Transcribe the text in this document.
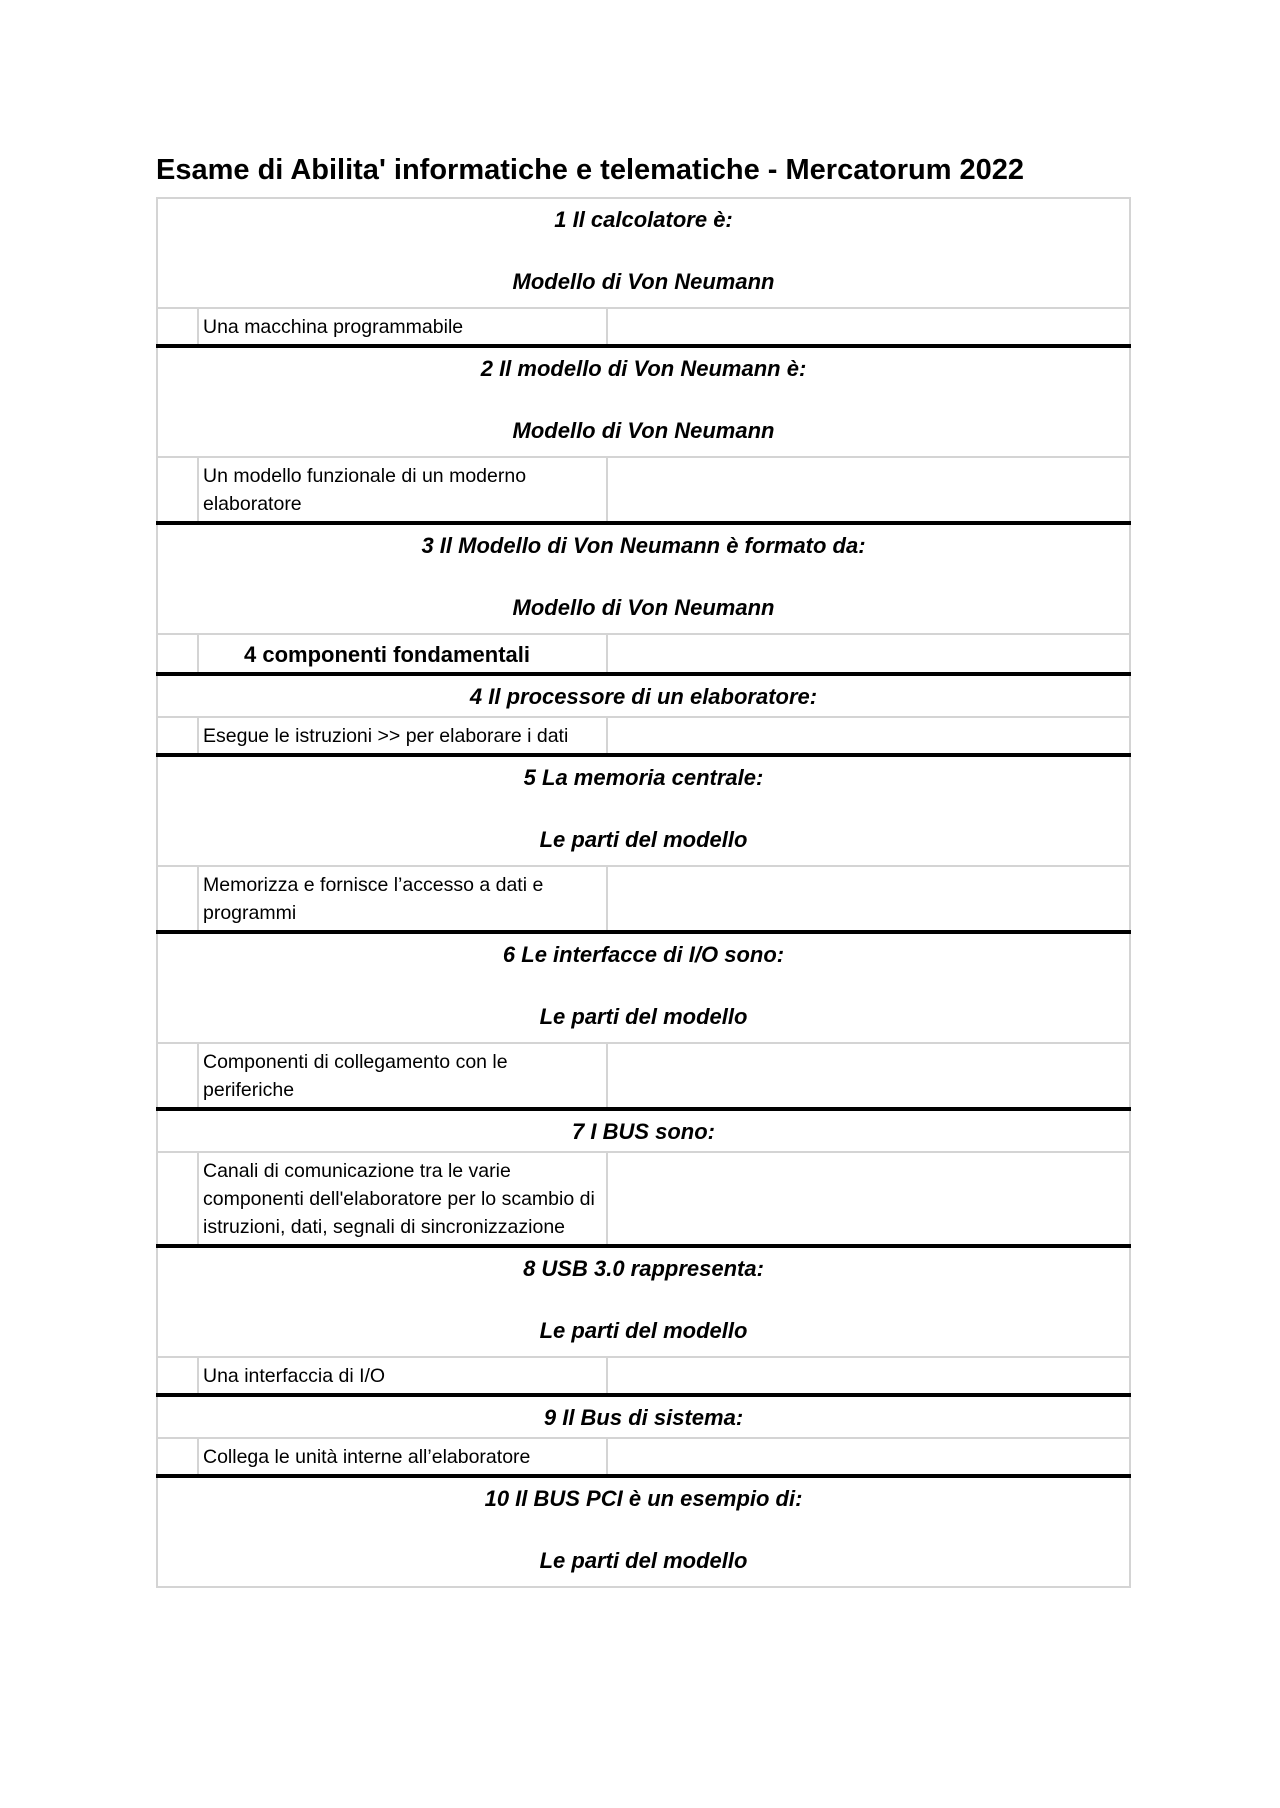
Esame di Abilita' informatiche e telematiche - Mercatorum 2022
1 Il calcolatore è:
Modello di Von Neumann		

	Una macchina programmabile	

2 Il modello di Von Neumann è:
Modello di Von Neumann		

	Un modello funzionale di un moderno elaboratore	

3 Il Modello di Von Neumann è formato da:
Modello di Von Neumann		

	4 componenti fondamentali	

4 Il processore di un elaboratore:		

	Esegue le istruzioni >> per elaborare i dati	

5 La memoria centrale:
Le parti del modello		

	Memorizza e fornisce l’accesso a dati e programmi	

6 Le interfacce di I/O sono:
Le parti del modello		

	Componenti di collegamento con le periferiche	

7 I BUS sono:		

	Canali di comunicazione tra le varie componenti dell'elaboratore per lo scambio di istruzioni, dati, segnali di sincronizzazione	

8 USB 3.0 rappresenta:
Le parti del modello		

	Una interfaccia di I/O	

9 Il Bus di sistema:		

	Collega le unità interne all’elaboratore	

10 Il BUS PCI è un esempio di:
Le parti del modello		
